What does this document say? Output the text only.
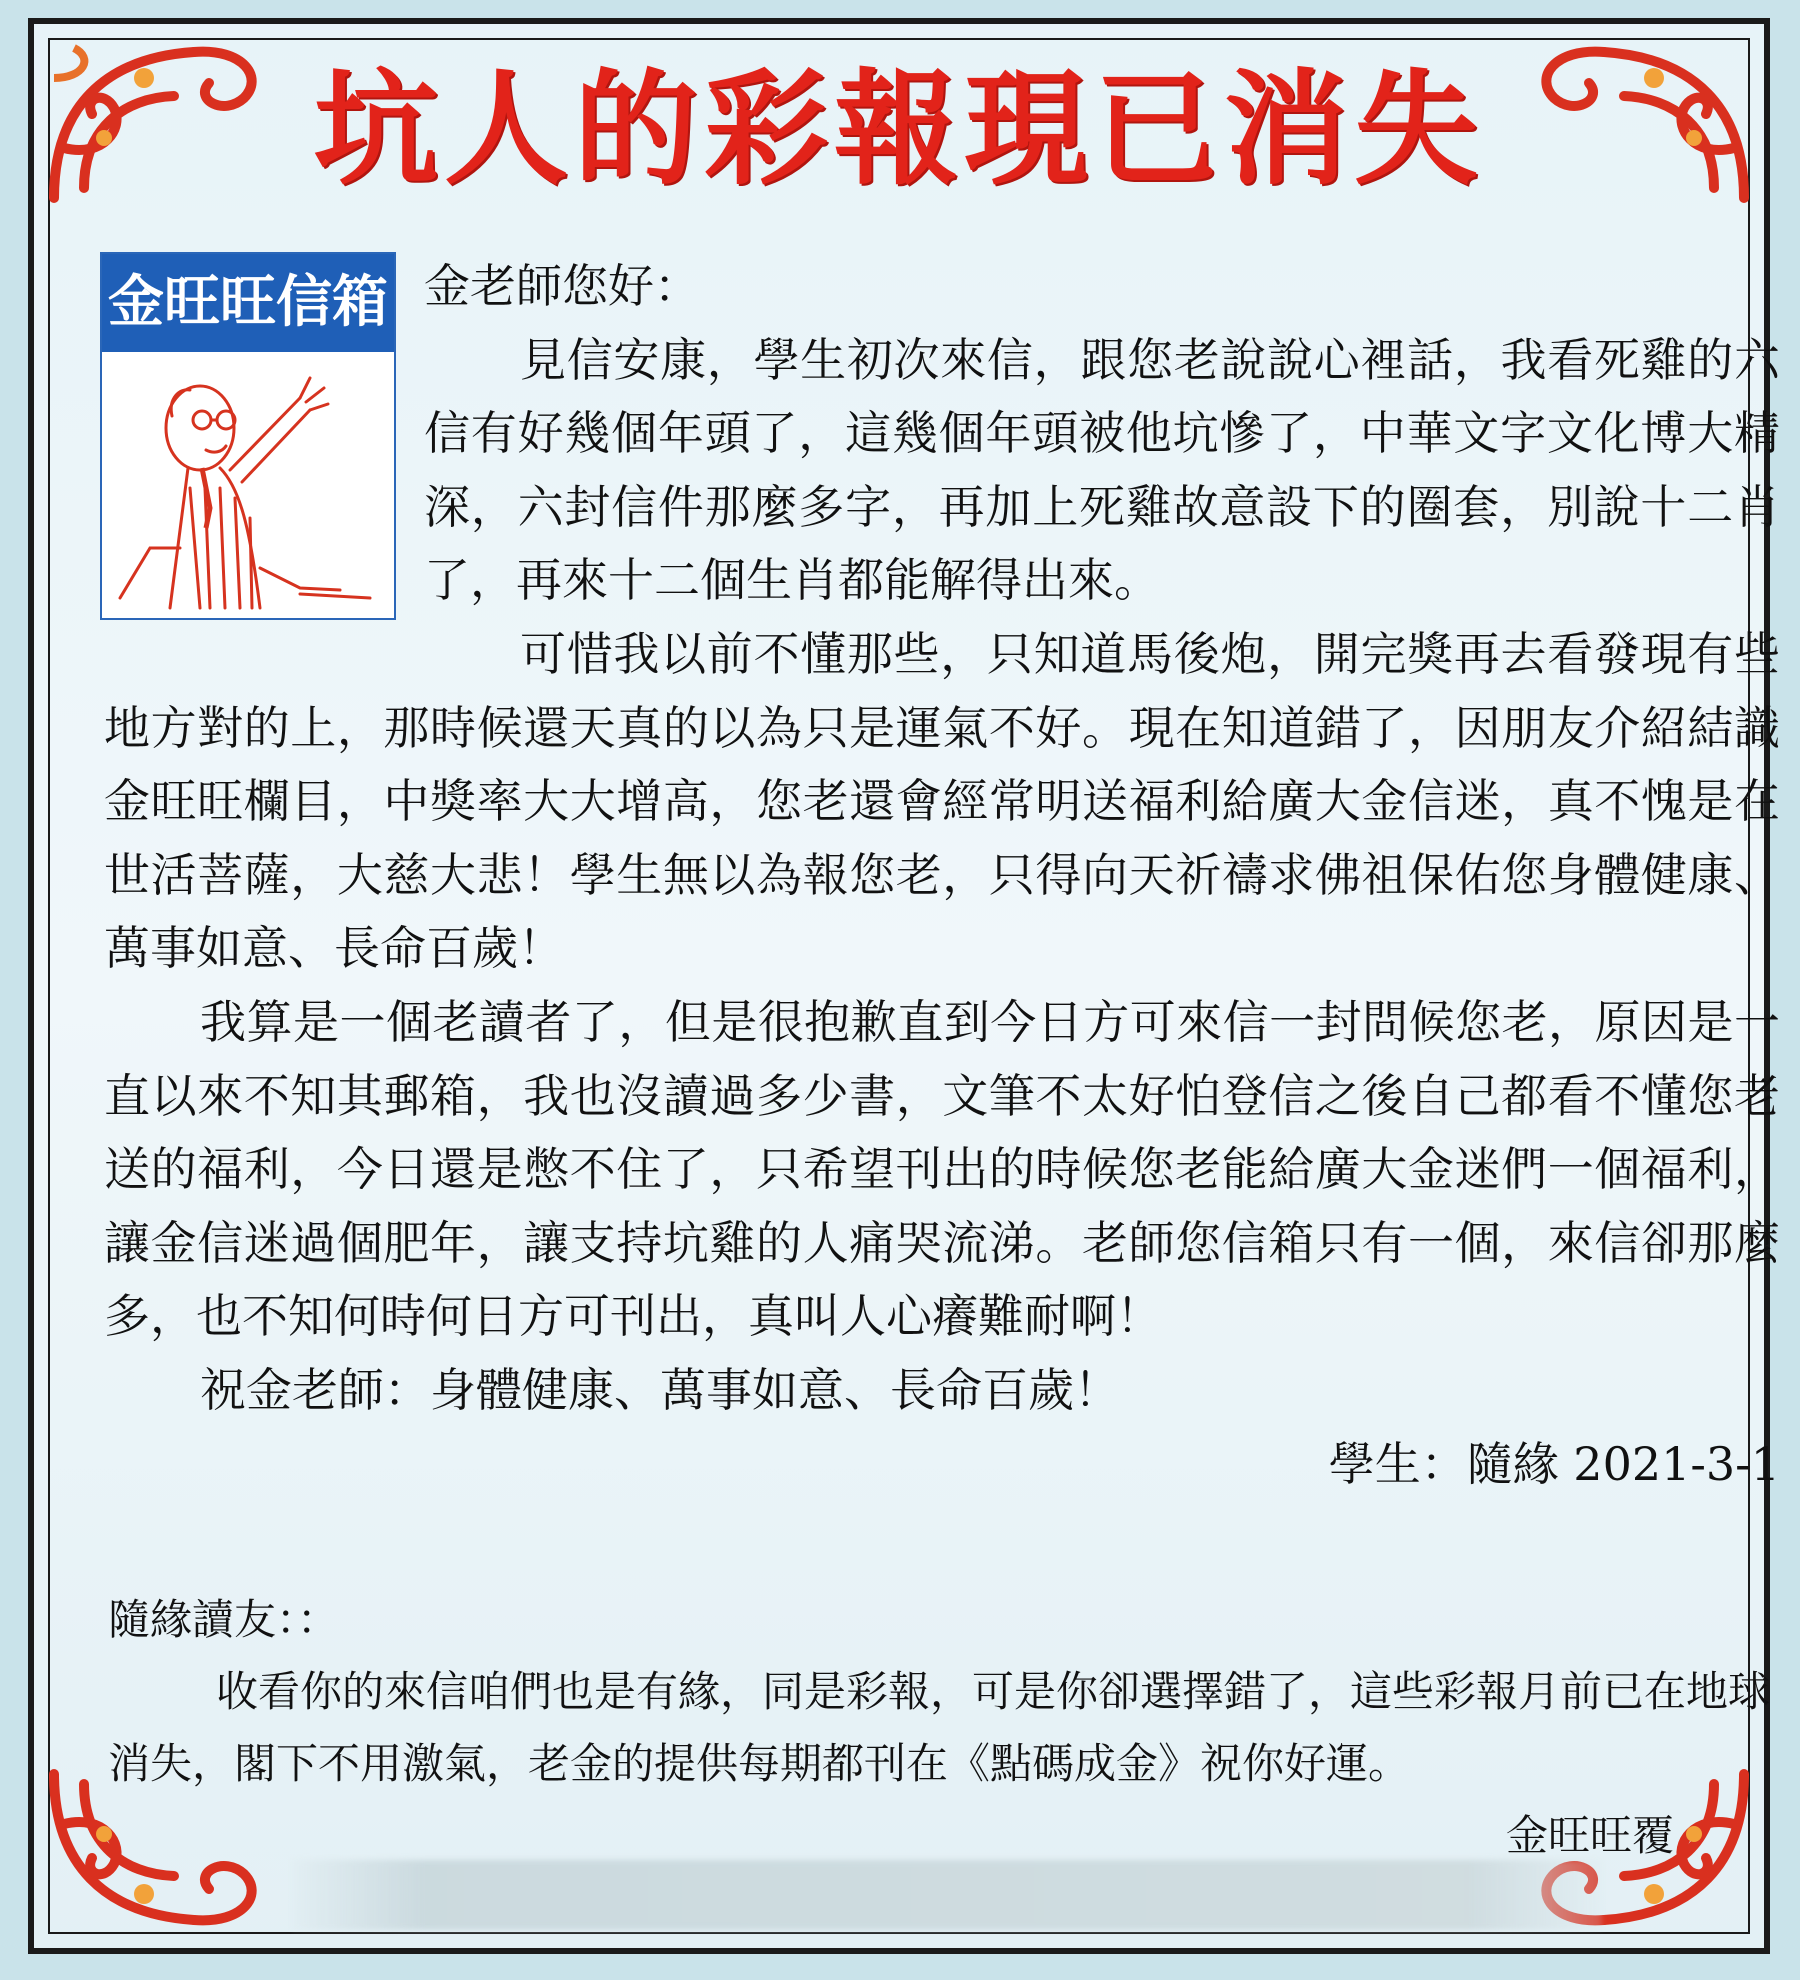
坑人的彩報現已消失
金旺旺信箱 金老師您好：

見信安康，學生初次來信，跟您老說說心裡話，我看死雞的六信有好幾個年頭了，這幾個年頭被他坑慘了，中華文字文化博大精深，六封信件那麼多字，再加上死雞故意設下的圈套，別說十二肖了，再來十二個生肖都能解得出來。

可惜我以前不懂那些，只知道馬後炮，開完獎再去看發現有些地方對的上，那時候還天真的以為只是運氣不好。現在知道錯了，因朋友介紹結識金旺旺欄目，中獎率大大增高，您老還會經常明送福利給廣大金信迷，真不愧是在世活菩薩，大慈大悲！學生無以為報您老，只得向天祈禱求佛祖保佑您身體健康、萬事如意、長命百歲！

我算是一個老讀者了，但是很抱歉直到今日方可來信一封問候您老，原因是一直以來不知其郵箱，我也沒讀過多少書，文筆不太好怕登信之後自己都看不懂您老送的福利，今日還是憋不住了，只希望刊出的時候您老能給廣大金迷們一個福利，讓金信迷過個肥年，讓支持坑雞的人痛哭流涕。老師您信箱只有一個，來信卻那麼多，也不知何時何日方可刊出，真叫人心癢難耐啊！

祝金老師：身體健康、萬事如意、長命百歲！

學生：隨緣 2021-3-1

隨緣讀友：：

收看你的來信咱們也是有緣，同是彩報，可是你卻選擇錯了，這些彩報月前已在地球消失，閣下不用激氣，老金的提供每期都刊在《點碼成金》祝你好運。

金旺旺覆
